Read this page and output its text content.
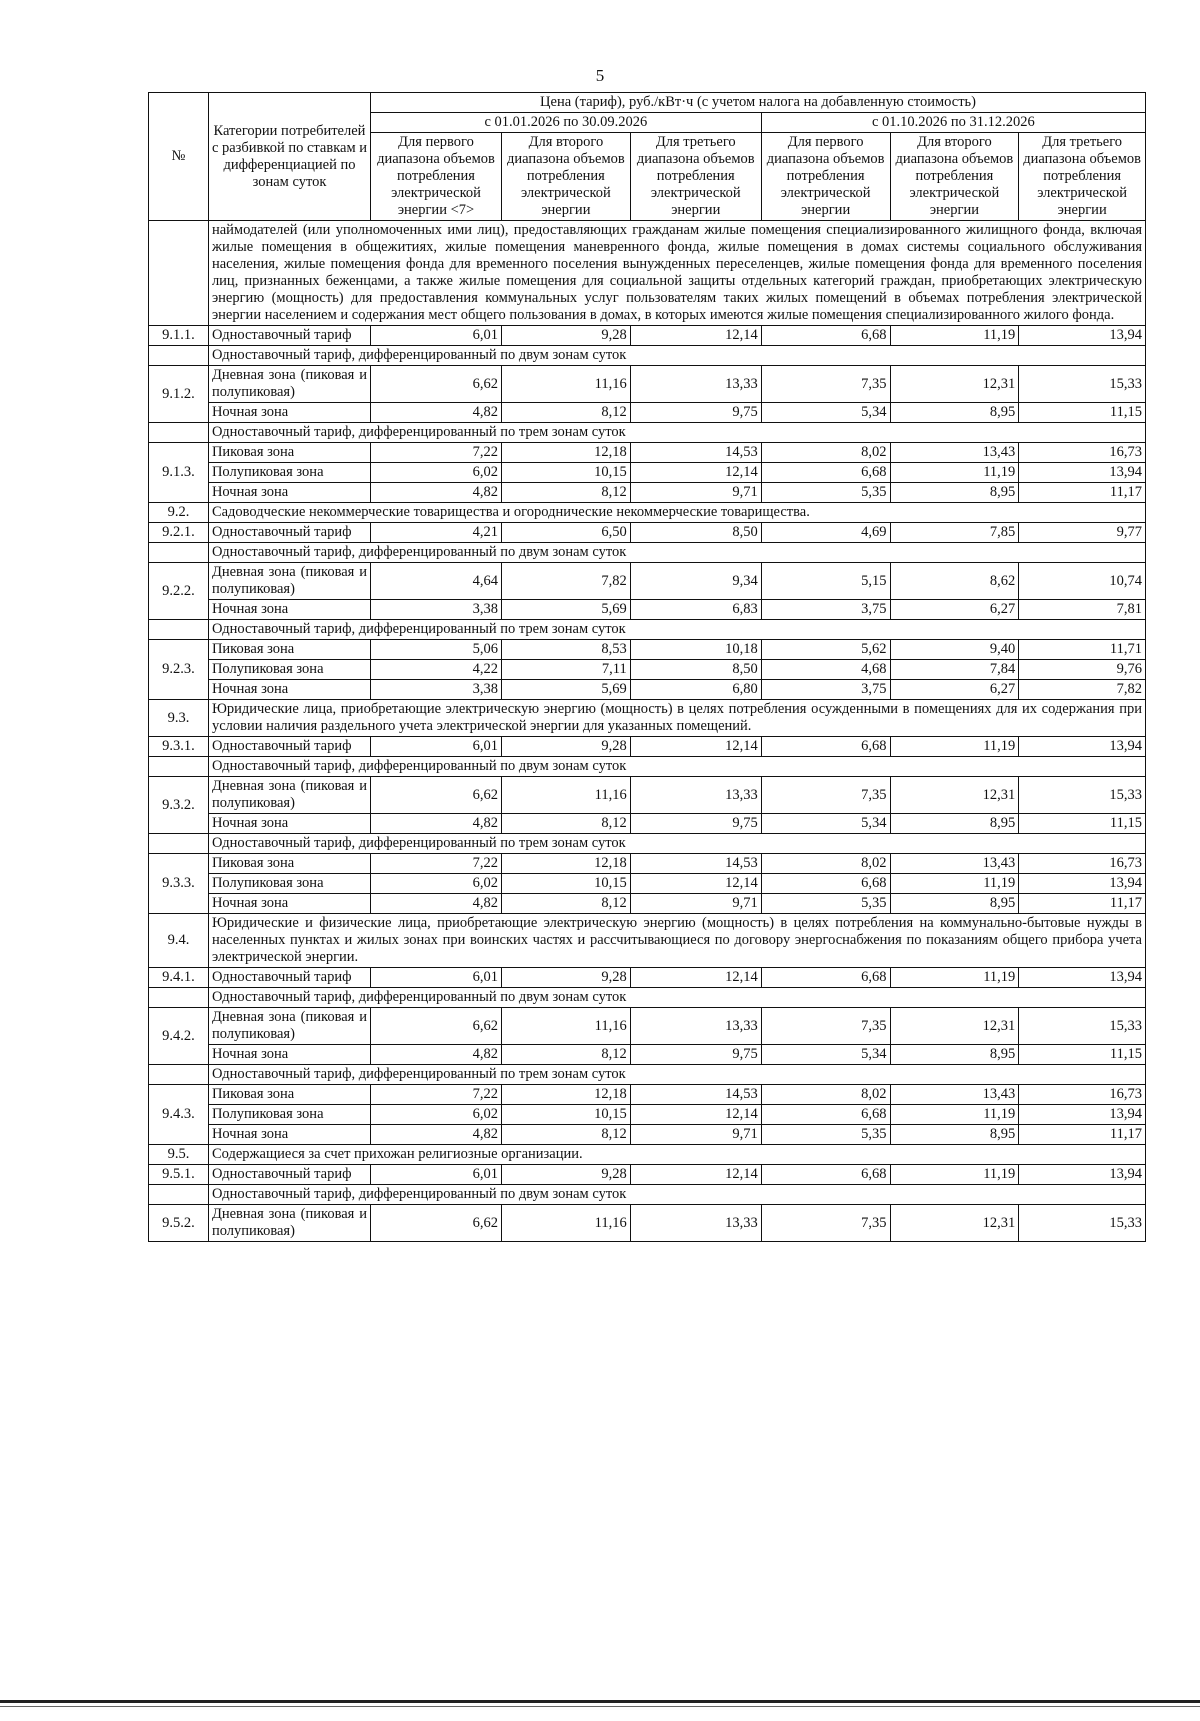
5
№	Категории потребителей с разбивкой по ставкам и дифференциацией по зонам суток	Цена (тариф), руб./кВт·ч (с учетом налога на добавленную стоимость)					
		с 01.01.2026 по 30.09.2026			с 01.10.2026 по 31.12.2026		
		Для первого диапазона объемов потребления электрической энергии <7>	Для второго диапазона объемов потребления электрической энергии	Для третьего диапазона объемов потребления электрической энергии	Для первого диапазона объемов потребления электрической энергии	Для второго диапазона объемов потребления электрической энергии	Для третьего диапазона объемов потребления электрической энергии
	наймодателей (или уполномоченных ими лиц), предоставляющих гражданам жилые помещения специализированного жилищного фонда, включая жилые помещения в общежитиях, жилые помещения маневренного фонда, жилые помещения в домах системы социального обслуживания населения, жилые помещения фонда для временного поселения вынужденных переселенцев, жилые помещения фонда для временного поселения лиц, признанных беженцами, а также жилые помещения для социальной защиты отдельных категорий граждан, приобретающих электрическую энергию (мощность) для предоставления коммунальных услуг пользователям таких жилых помещений в объемах потребления электрической энергии населением и содержания мест общего пользования в домах, в которых имеются жилые помещения специализированного жилого фонда.						
9.1.1.	Одноставочный тариф	6,01	9,28	12,14	6,68	11,19	13,94
	Одноставочный тариф, дифференцированный по двум зонам суток						
9.1.2.	Дневная зона (пиковая и полупиковая)	6,62	11,16	13,33	7,35	12,31	15,33
	Ночная зона	4,82	8,12	9,75	5,34	8,95	11,15
	Одноставочный тариф, дифференцированный по трем зонам суток						
9.1.3.	Пиковая зона	7,22	12,18	14,53	8,02	13,43	16,73
	Полупиковая зона	6,02	10,15	12,14	6,68	11,19	13,94
	Ночная зона	4,82	8,12	9,71	5,35	8,95	11,17
9.2.	Садоводческие некоммерческие товарищества и огороднические некоммерческие товарищества.						
9.2.1.	Одноставочный тариф	4,21	6,50	8,50	4,69	7,85	9,77
	Одноставочный тариф, дифференцированный по двум зонам суток						
9.2.2.	Дневная зона (пиковая и полупиковая)	4,64	7,82	9,34	5,15	8,62	10,74
	Ночная зона	3,38	5,69	6,83	3,75	6,27	7,81
	Одноставочный тариф, дифференцированный по трем зонам суток						
9.2.3.	Пиковая зона	5,06	8,53	10,18	5,62	9,40	11,71
	Полупиковая зона	4,22	7,11	8,50	4,68	7,84	9,76
	Ночная зона	3,38	5,69	6,80	3,75	6,27	7,82
9.3.	Юридические лица, приобретающие электрическую энергию (мощность) в целях потребления осужденными в помещениях для их содержания при условии наличия раздельного учета электрической энергии для указанных помещений.						
9.3.1.	Одноставочный тариф	6,01	9,28	12,14	6,68	11,19	13,94
	Одноставочный тариф, дифференцированный по двум зонам суток						
9.3.2.	Дневная зона (пиковая и полупиковая)	6,62	11,16	13,33	7,35	12,31	15,33
	Ночная зона	4,82	8,12	9,75	5,34	8,95	11,15
	Одноставочный тариф, дифференцированный по трем зонам суток						
9.3.3.	Пиковая зона	7,22	12,18	14,53	8,02	13,43	16,73
	Полупиковая зона	6,02	10,15	12,14	6,68	11,19	13,94
	Ночная зона	4,82	8,12	9,71	5,35	8,95	11,17
9.4.	Юридические и физические лица, приобретающие электрическую энергию (мощность) в целях потребления на коммунально-бытовые нужды в населенных пунктах и жилых зонах при воинских частях и рассчитывающиеся по договору энергоснабжения по показаниям общего прибора учета электрической энергии.						
9.4.1.	Одноставочный тариф	6,01	9,28	12,14	6,68	11,19	13,94
	Одноставочный тариф, дифференцированный по двум зонам суток						
9.4.2.	Дневная зона (пиковая и полупиковая)	6,62	11,16	13,33	7,35	12,31	15,33
	Ночная зона	4,82	8,12	9,75	5,34	8,95	11,15
	Одноставочный тариф, дифференцированный по трем зонам суток						
9.4.3.	Пиковая зона	7,22	12,18	14,53	8,02	13,43	16,73
	Полупиковая зона	6,02	10,15	12,14	6,68	11,19	13,94
	Ночная зона	4,82	8,12	9,71	5,35	8,95	11,17
9.5.	Содержащиеся за счет прихожан религиозные организации.						
9.5.1.	Одноставочный тариф	6,01	9,28	12,14	6,68	11,19	13,94
	Одноставочный тариф, дифференцированный по двум зонам суток						
9.5.2.	Дневная зона (пиковая и полупиковая)	6,62	11,16	13,33	7,35	12,31	15,33
